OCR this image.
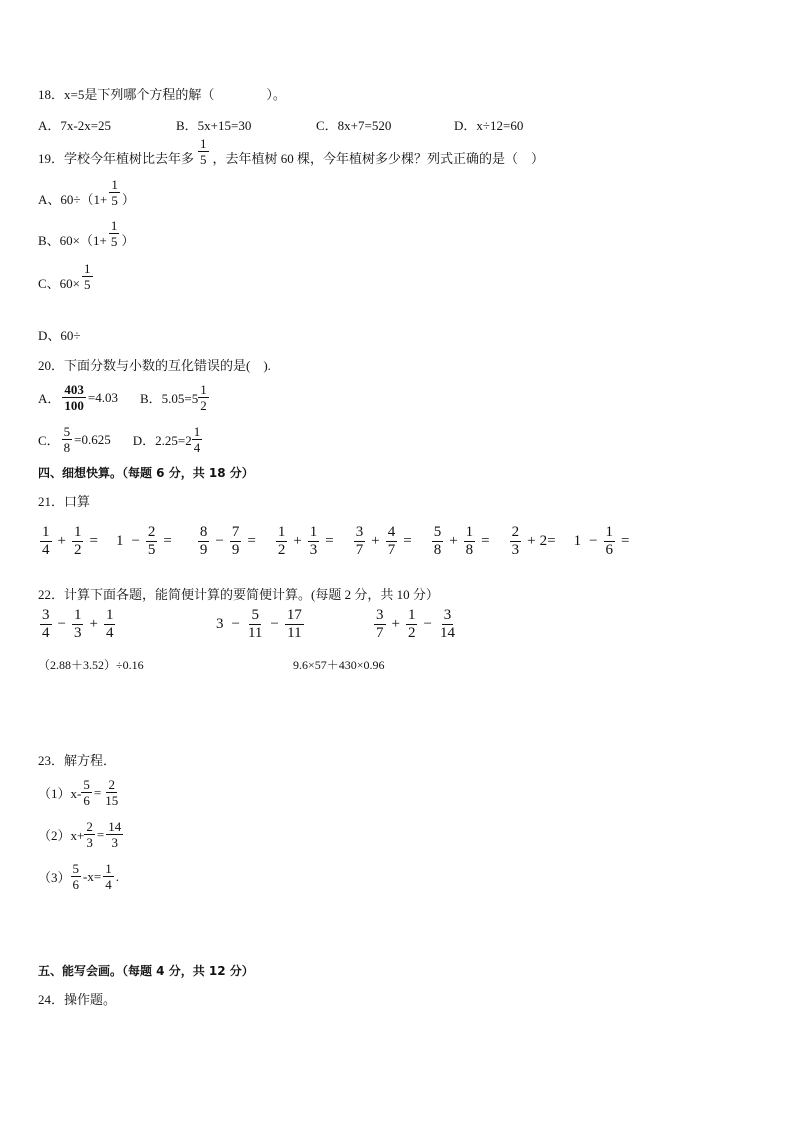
18．x=5是下列哪个方程的解（　　　　）。
A．7x-2x=25	B．5x+15=30	C．8x+7=520	D．x÷12=60
19．学校今年植树比去年多 $\frac{1}{5}$ ，去年植树 60 棵，今年植树多少棵？列式正确的是（　）
A、$60\div(1+ \frac{1}{5}$ ）
B、$60\times(1+ \frac{1}{5}$ ）
C、$60\times \frac{1}{5}$
D、60÷
20．下面分数与小数的互化错误的是(　).
A． $\frac{403}{100} =4.03$ B．$5.05=5 \frac{1}{2}$
C． $\frac{5}{8} =0.625$ D．$2.25=2 \frac{1}{4}$
四、细想快算。（每题 6 分，共 18 分）
21．口算
$\frac{1}{4} + \frac{1}{2} = 1 - \frac{2}{5} = \frac{8}{9} - \frac{7}{9} = \frac{1}{2} + \frac{1}{3} = \frac{3}{7} + \frac{4}{7} = \frac{5}{8} + \frac{1}{8} = \frac{2}{3} + 2= 1 - \frac{1}{6}$ =
22．计算下面各题，能简便计算的要简便计算。(每题 2 分，共 10 分）
$\frac{3}{4} - \frac{1}{3} + \frac{1}{4}$	$3 - \frac{5}{11} - \frac{17}{11}$	$\frac{3}{7} + \frac{1}{2} - \frac{3}{14}$
（2.88＋3.52）÷0.16	9.6×57＋430×0.96
23．解方程．
$(1)x- \frac{5}{6} = \frac{2}{15}$
$(2)x+ \frac{2}{3} = \frac{14}{3}$
$(3) \frac{5}{6} -x= \frac{1}{4}$ .
五、能写会画。（每题 4 分，共 12 分）
24．操作题。
